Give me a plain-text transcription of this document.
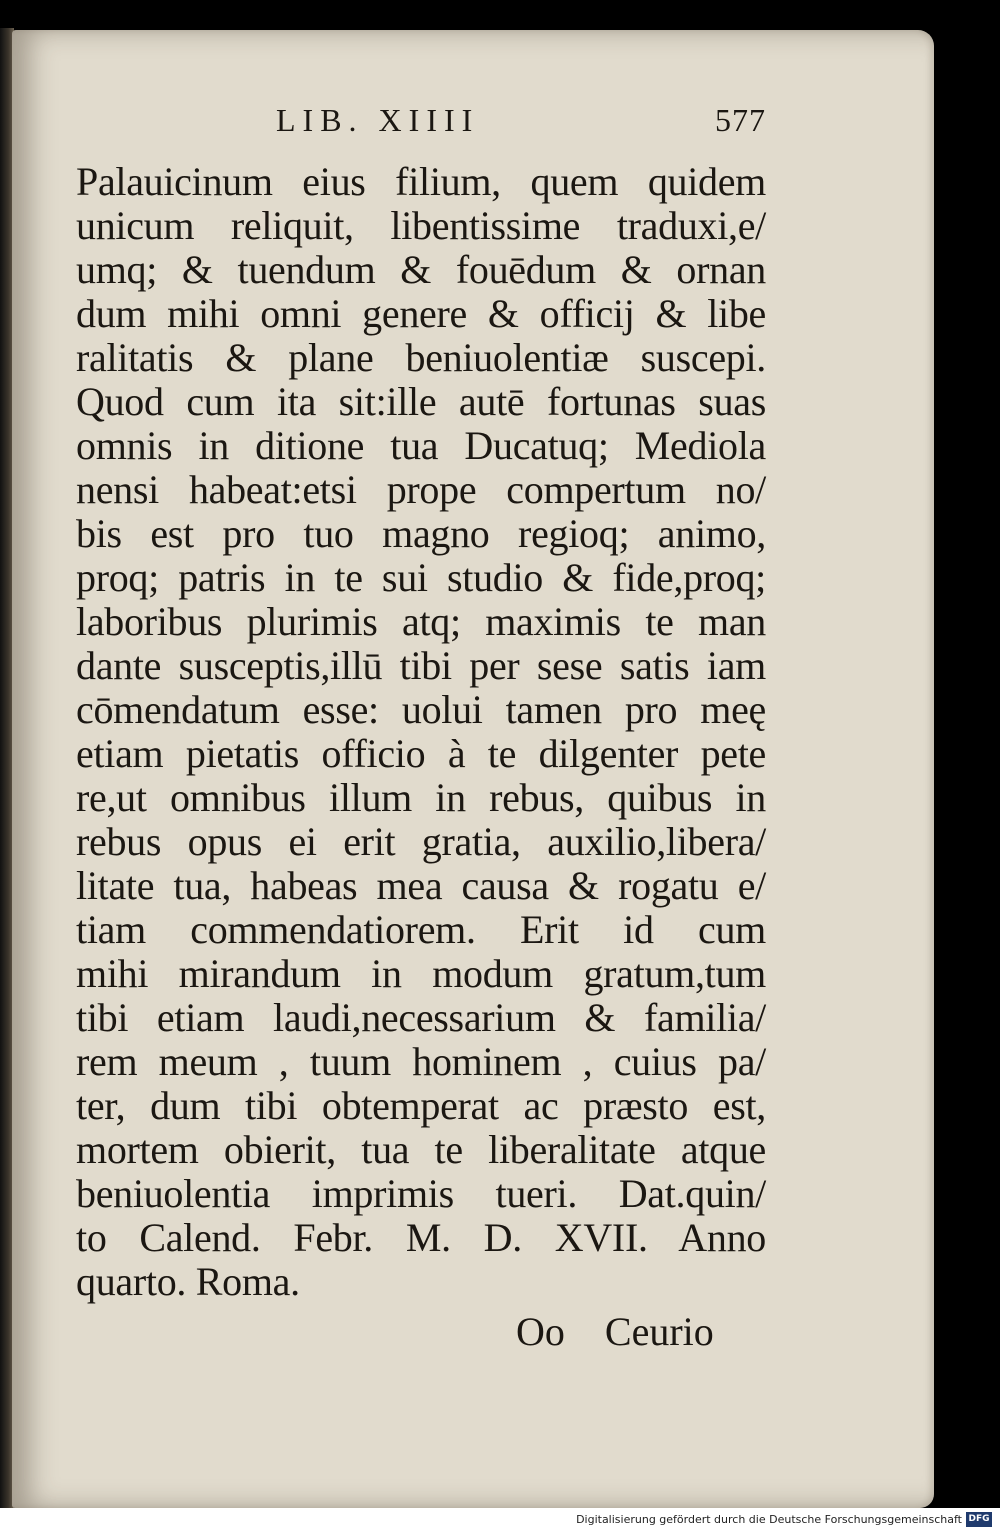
LIB. XIIII	577
Palauicinum eius filium, quem quidem
unicum reliquit, libentissime traduxi,e/
umq; & tuendum & fouēdum & ornan
dum mihi omni genere & officij & libe
ralitatis & plane beniuolentiæ suscepi.
Quod cum ita sit:ille autē fortunas suas
omnis in ditione tua Ducatuq; Mediola
nensi habeat:etsi prope compertum no/
bis est pro tuo magno regioq; animo,
proq; patris in te sui studio & fide,proq;
laboribus plurimis atq; maximis te man
dante susceptis,illū tibi per sese satis iam
cōmendatum esse: uolui tamen pro meę
etiam pietatis officio à te dilgenter pete
re,ut omnibus illum in rebus, quibus in
rebus opus ei erit gratia, auxilio,libera/
litate tua, habeas mea causa & rogatu e/
tiam commendatiorem. Erit id cum
mihi mirandum in modum gratum,tum
tibi etiam laudi,necessarium & familia/
rem meum , tuum hominem , cuius pa/
ter, dum tibi obtemperat ac præsto est,
mortem obierit, tua te liberalitate atque
beniuolentia imprimis tueri. Dat.quin/
to Calend. Febr. M. D. XVII. Anno
quarto. Roma.
Oo Ceurio
Digitalisierung gefördert durch die Deutsche Forschungsgemeinschaft DFG
